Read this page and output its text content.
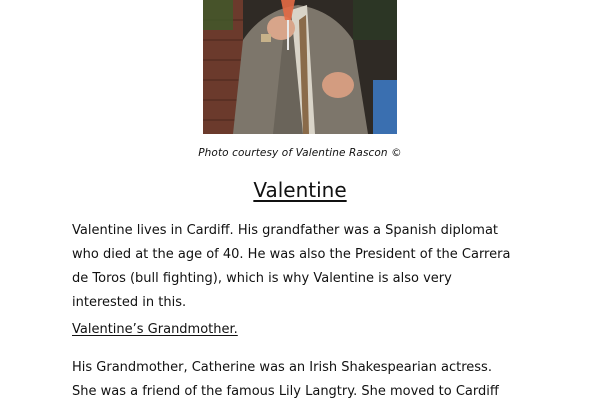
Photo courtesy of Valentine Rascon ©
Valentine
Valentine lives in Cardiff. His grandfather was a Spanish diplomat
who died at the age of 40. He was also the President of the Carrera
de Toros (bull fighting), which is why Valentine is also very
interested in this.
Valentine’s Grandmother.
His Grandmother, Catherine was an Irish Shakespearian actress.
She was a friend of the famous Lily Langtry. She moved to Cardiff
